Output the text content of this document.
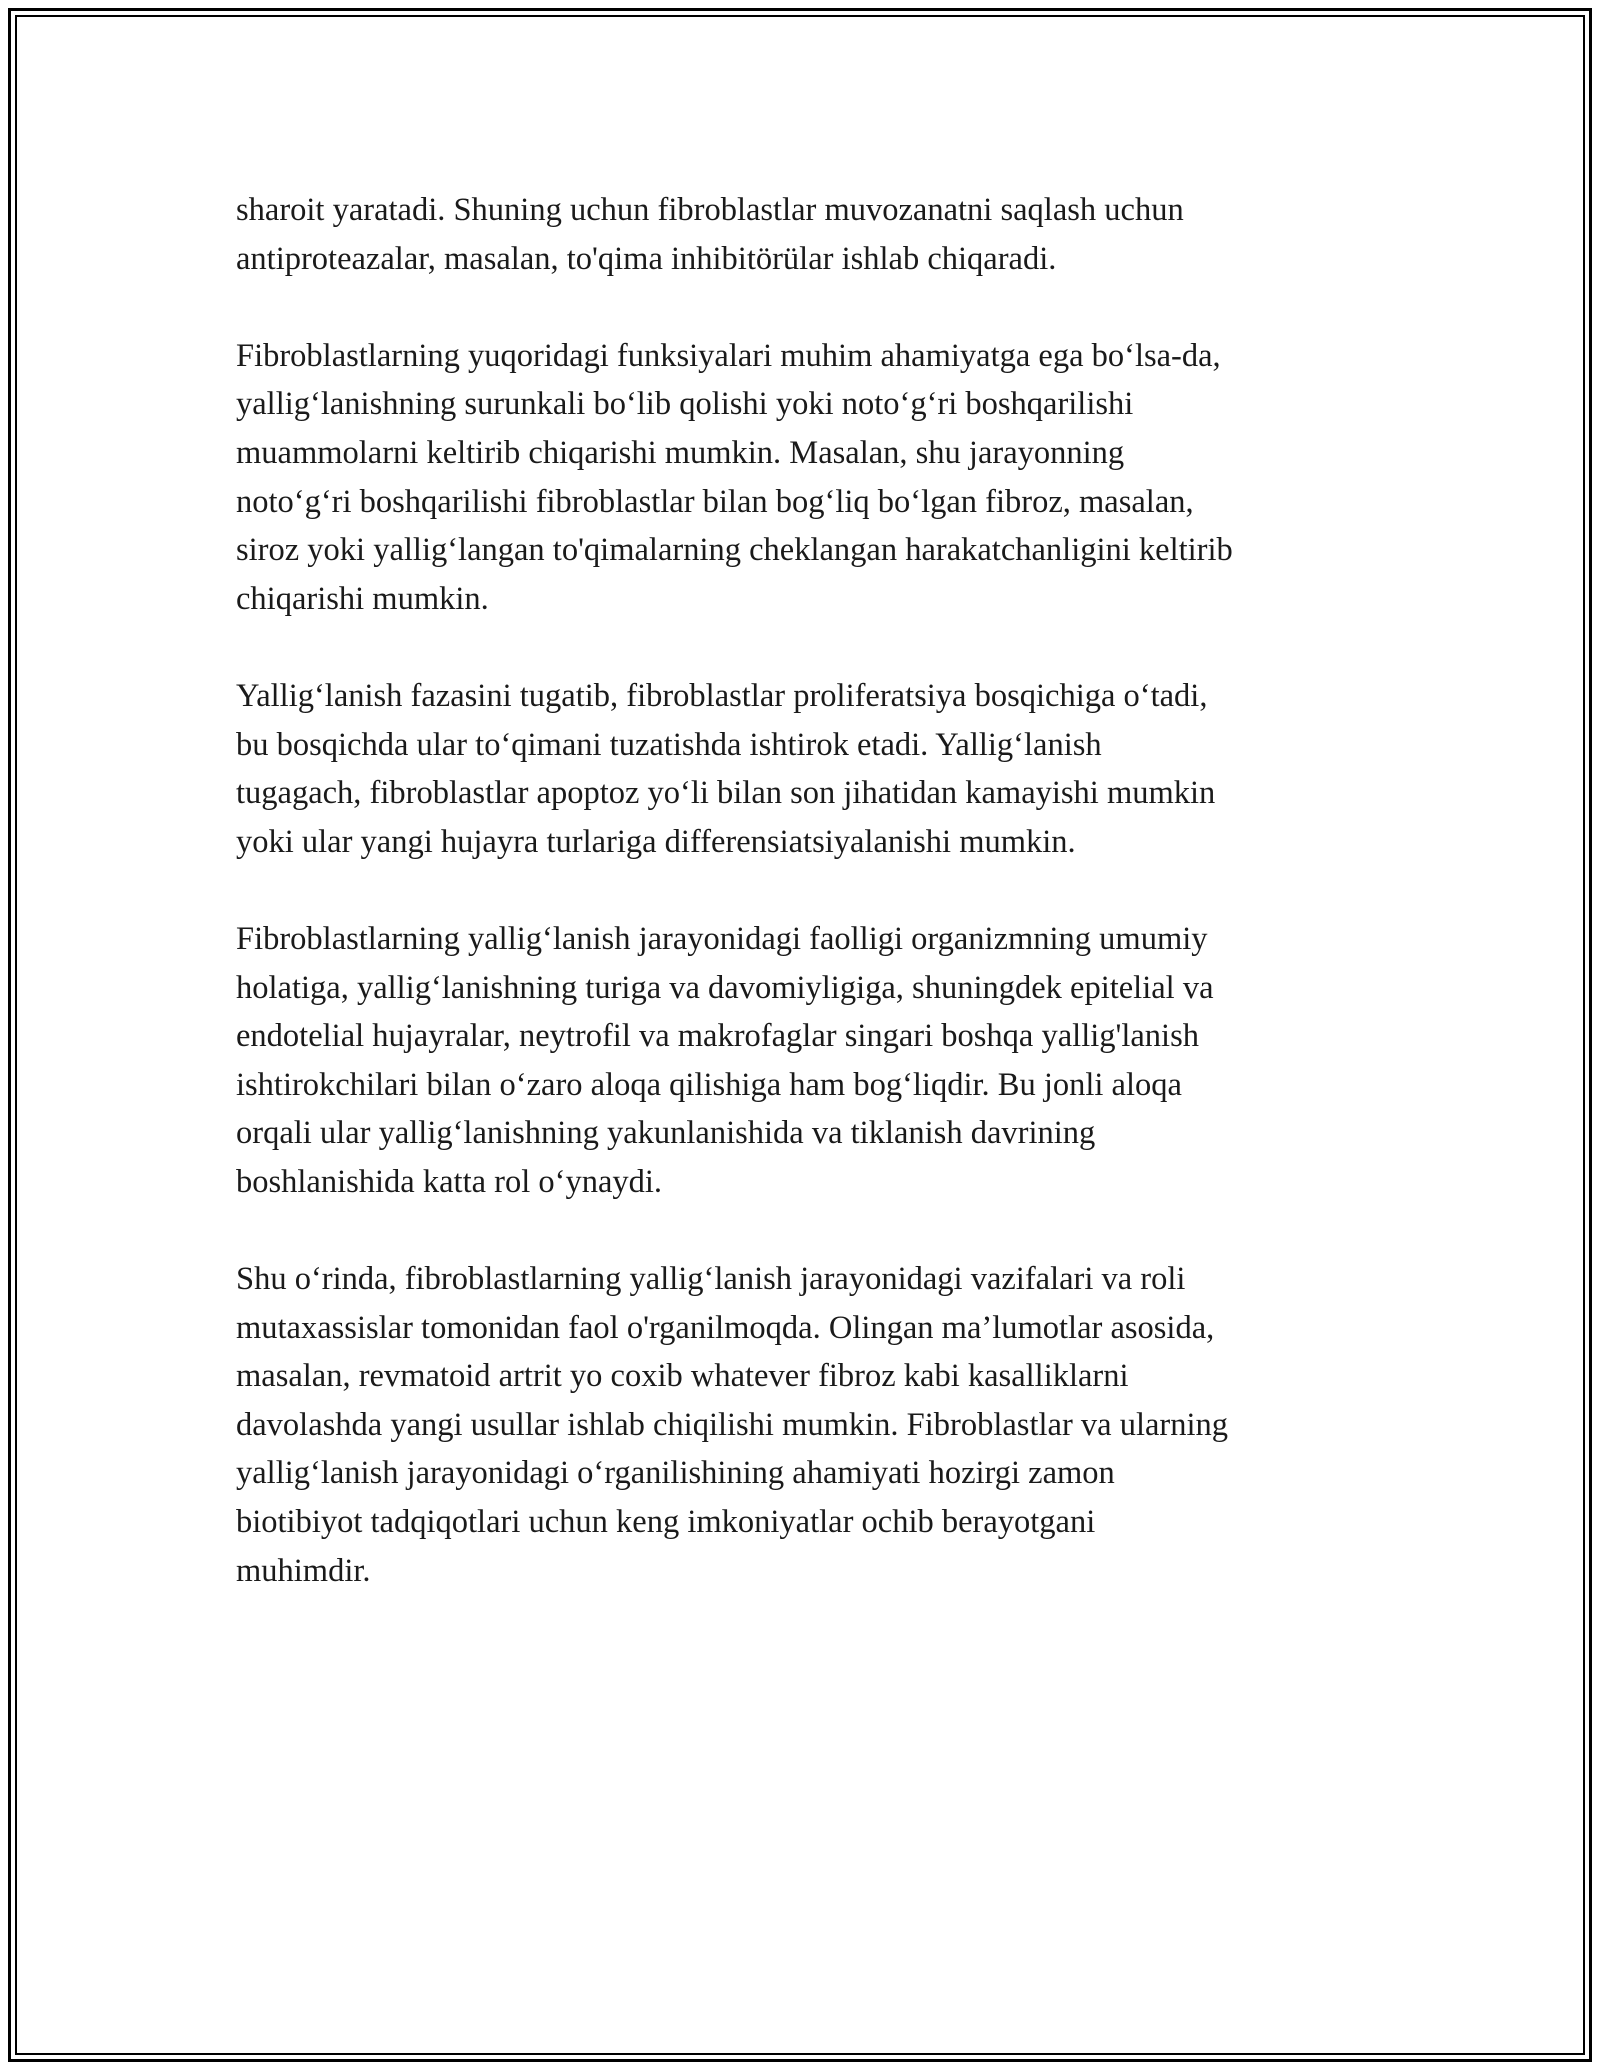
sharoit yaratadi. Shuning uchun fibroblastlar muvozanatni saqlash uchun
antiproteazalar, masalan, to'qima inhibitörülar ishlab chiqaradi.

Fibroblastlarning yuqoridagi funksiyalari muhim ahamiyatga ega bo‘lsa-da,
yallig‘lanishning surunkali bo‘lib qolishi yoki noto‘g‘ri boshqarilishi
muammolarni keltirib chiqarishi mumkin. Masalan, shu jarayonning
noto‘g‘ri boshqarilishi fibroblastlar bilan bog‘liq bo‘lgan fibroz, masalan,
siroz yoki yallig‘langan to'qimalarning cheklangan harakatchanligini keltirib
chiqarishi mumkin.

Yallig‘lanish fazasini tugatib, fibroblastlar proliferatsiya bosqichiga o‘tadi,
bu bosqichda ular to‘qimani tuzatishda ishtirok etadi. Yallig‘lanish
tugagach, fibroblastlar apoptoz yo‘li bilan son jihatidan kamayishi mumkin
yoki ular yangi hujayra turlariga differensiatsiyalanishi mumkin.

Fibroblastlarning yallig‘lanish jarayonidagi faolligi organizmning umumiy
holatiga, yallig‘lanishning turiga va davomiyligiga, shuningdek epitelial va
endotelial hujayralar, neytrofil va makrofaglar singari boshqa yallig'lanish
ishtirokchilari bilan o‘zaro aloqa qilishiga ham bog‘liqdir. Bu jonli aloqa
orqali ular yallig‘lanishning yakunlanishida va tiklanish davrining
boshlanishida katta rol o‘ynaydi.

Shu o‘rinda, fibroblastlarning yallig‘lanish jarayonidagi vazifalari va roli
mutaxassislar tomonidan faol o'rganilmoqda. Olingan ma’lumotlar asosida,
masalan, revmatoid artrit yo coxib whatever fibroz kabi kasalliklarni
davolashda yangi usullar ishlab chiqilishi mumkin. Fibroblastlar va ularning
yallig‘lanish jarayonidagi o‘rganilishining ahamiyati hozirgi zamon
biotibiyot tadqiqotlari uchun keng imkoniyatlar ochib berayotgani
muhimdir.
